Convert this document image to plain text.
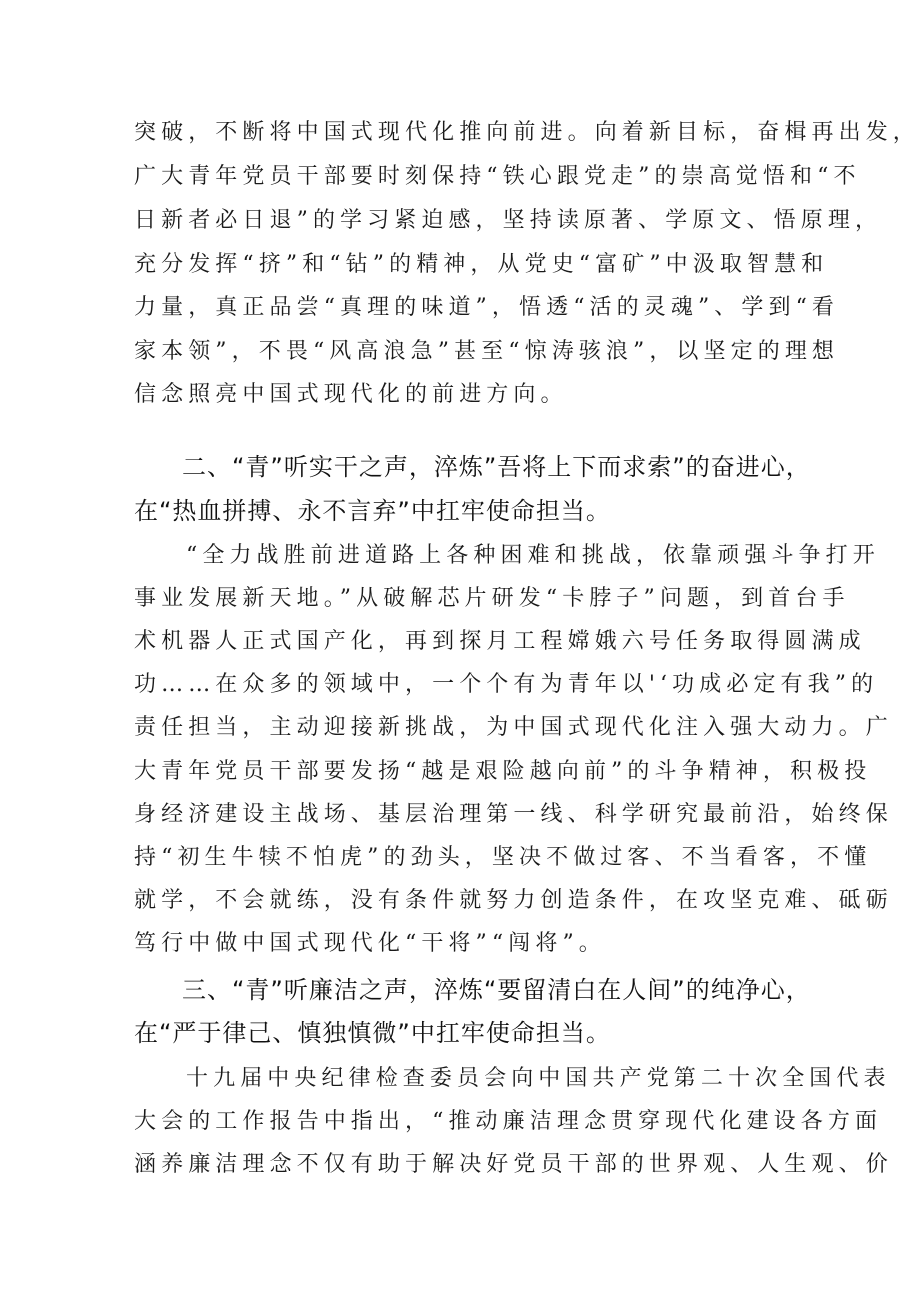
突破，不断将中国式现代化推向前进。向着新目标，奋楫再出发，
广大青年党员干部要时刻保持“铁心跟党走”的崇高觉悟和“不
日新者必日退”的学习紧迫感，坚持读原著、学原文、悟原理，
充分发挥“挤”和“钻”的精神，从党史“富矿”中汲取智慧和
力量，真正品尝“真理的味道”，悟透“活的灵魂”、学到“看
家本领”，不畏“风高浪急”甚至“惊涛骇浪”，以坚定的理想
信念照亮中国式现代化的前进方向。
二、“青”听实干之声，淬炼”吾将上下而求索”的奋进心，
在“热血拼搏、永不言弃”中扛牢使命担当。
“全力战胜前进道路上各种困难和挑战，依靠顽强斗争打开
事业发展新天地。”从破解芯片研发“卡脖子”问题，到首台手
术机器人正式国产化，再到探月工程嫦娥六号任务取得圆满成
功……在众多的领域中，一个个有为青年以'‘功成必定有我”的
责任担当，主动迎接新挑战，为中国式现代化注入强大动力。广
大青年党员干部要发扬“越是艰险越向前”的斗争精神，积极投
身经济建设主战场、基层治理第一线、科学研究最前沿，始终保
持“初生牛犊不怕虎”的劲头，坚决不做过客、不当看客，不懂
就学，不会就练，没有条件就努力创造条件，在攻坚克难、砥砺
笃行中做中国式现代化“干将”“闯将”。
三、“青”听廉洁之声，淬炼“要留清白在人间”的纯净心，
在“严于律己、慎独慎微”中扛牢使命担当。
十九届中央纪律检查委员会向中国共产党第二十次全国代表
大会的工作报告中指出，“推动廉洁理念贯穿现代化建设各方面
涵养廉洁理念不仅有助于解决好党员干部的世界观、人生观、价
